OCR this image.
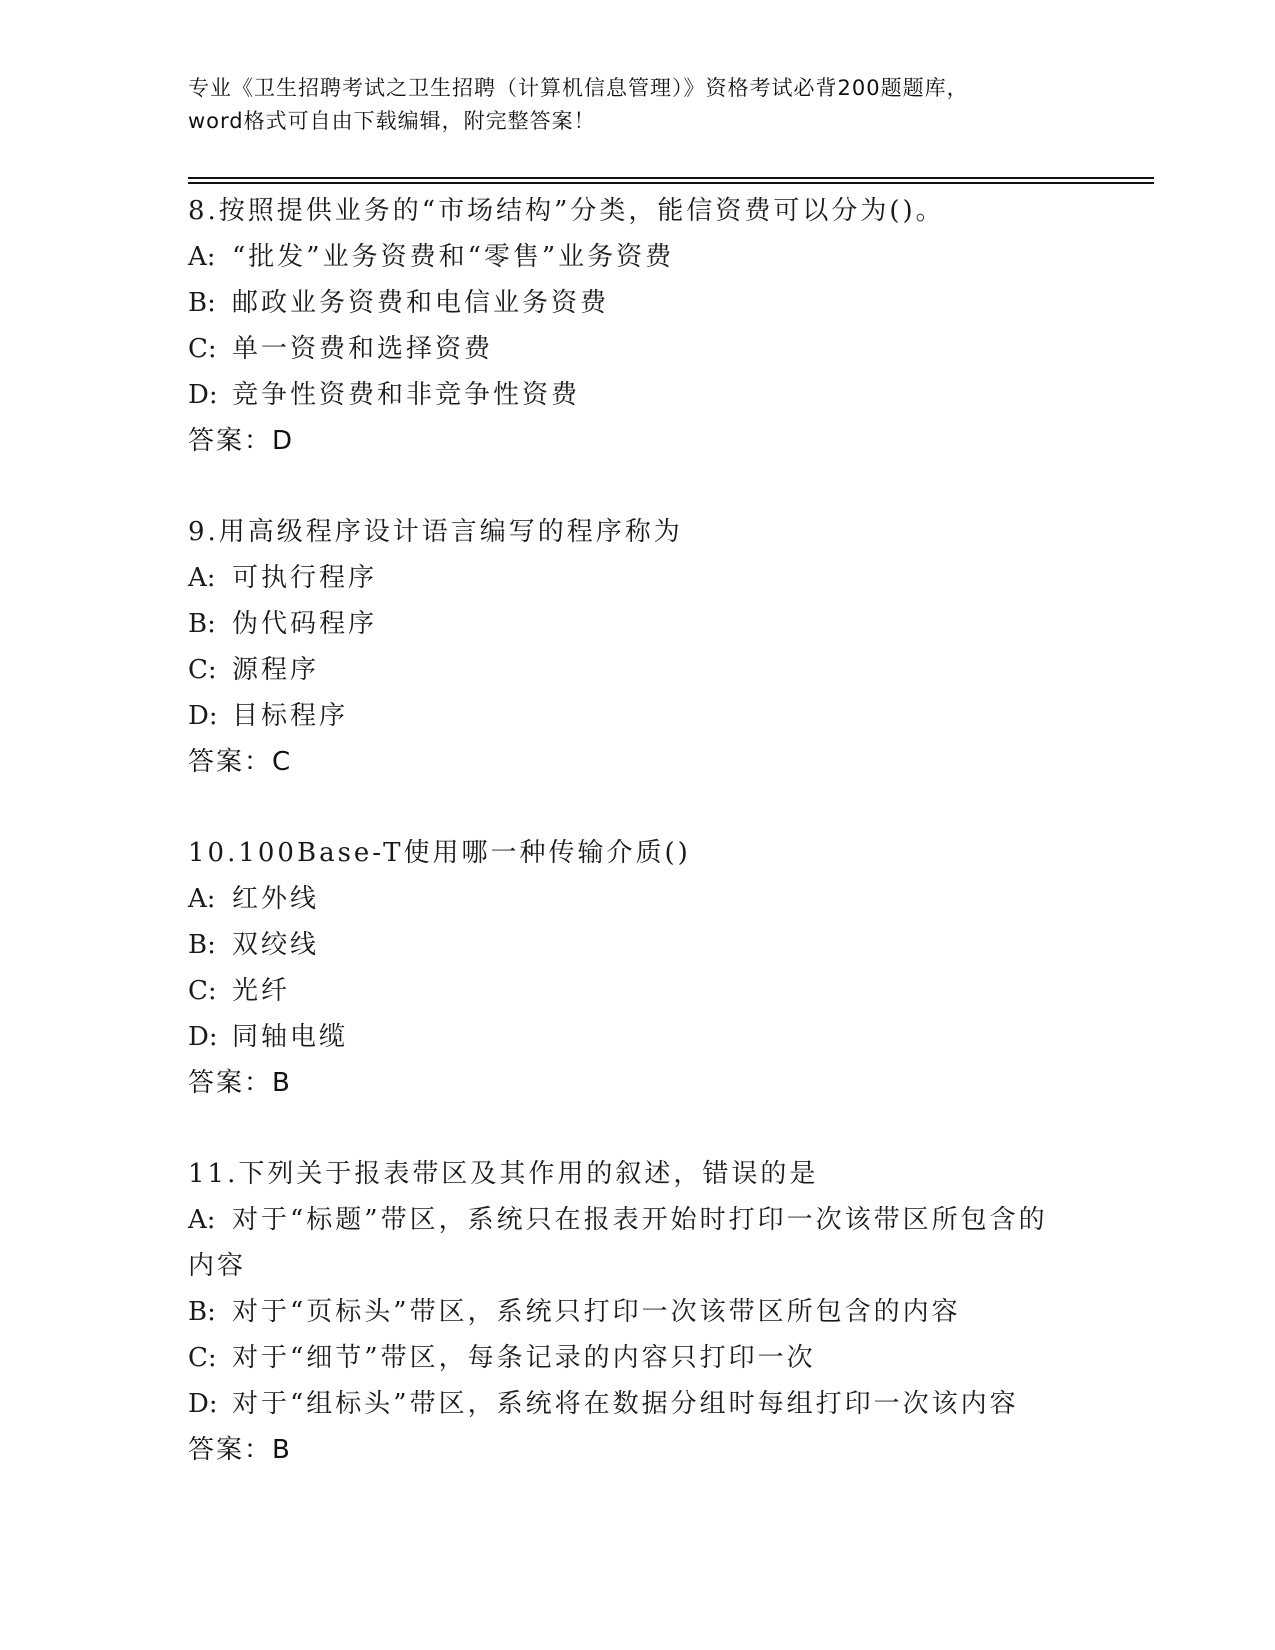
专业《卫生招聘考试之卫生招聘（计算机信息管理）》资格考试必背200题题库，
word格式可自由下载编辑，附完整答案！
8.按照提供业务的“市场结构”分类，能信资费可以分为()。
A: “批发”业务资费和“零售”业务资费
B: 邮政业务资费和电信业务资费
C: 单一资费和选择资费
D: 竞争性资费和非竞争性资费
答案：D
9.用高级程序设计语言编写的程序称为
A: 可执行程序
B: 伪代码程序
C: 源程序
D: 目标程序
答案：C
10.100Base-T使用哪一种传输介质()
A: 红外线
B: 双绞线
C: 光纤
D: 同轴电缆
答案：B
11.下列关于报表带区及其作用的叙述，错误的是
A: 对于“标题”带区，系统只在报表开始时打印一次该带区所包含的内容
B: 对于“页标头”带区，系统只打印一次该带区所包含的内容
C: 对于“细节”带区，每条记录的内容只打印一次
D: 对于“组标头”带区，系统将在数据分组时每组打印一次该内容
答案：B
